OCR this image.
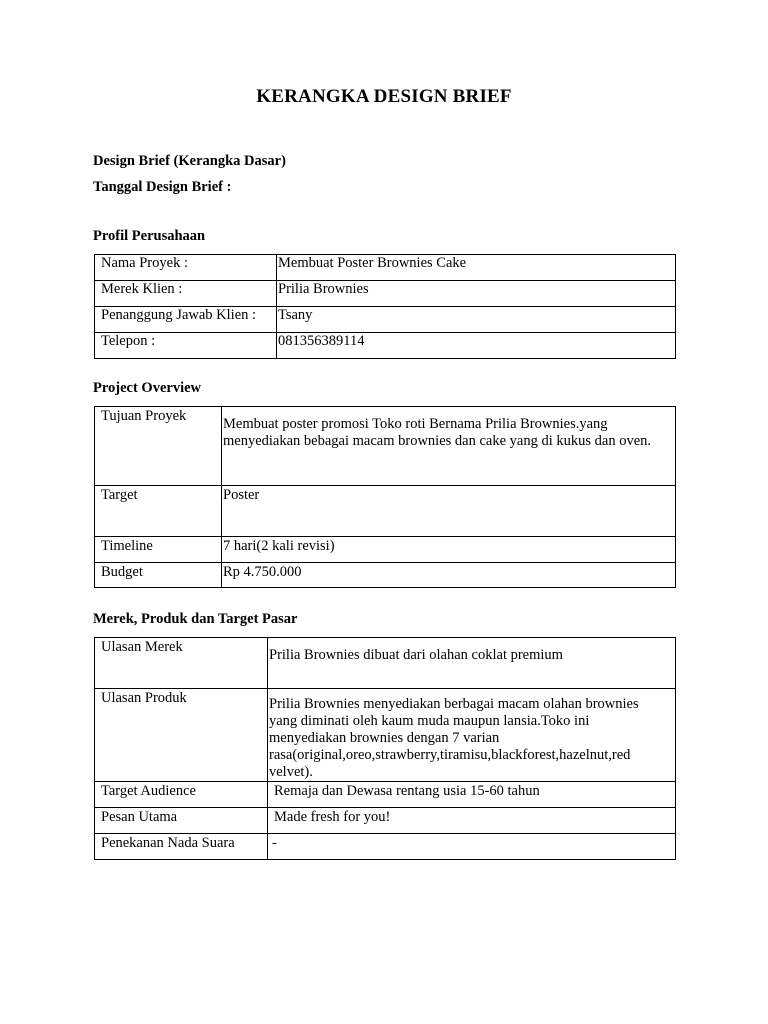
KERANGKA DESIGN BRIEF
Design Brief (Kerangka Dasar)
Tanggal Design Brief :
Profil Perusahaan
Nama Proyek :	Membuat Poster Brownies Cake
Merek Klien :	Prilia Brownies
Penanggung Jawab Klien :	Tsany
Telepon :	081356389114
Project Overview
Tujuan Proyek	Membuat poster promosi Toko roti Bernama Prilia Brownies.yang menyediakan bebagai macam brownies dan cake yang di kukus dan oven.
Target	Poster
Timeline	7 hari(2 kali revisi)
Budget	Rp 4.750.000
Merek, Produk dan Target Pasar
Ulasan Merek	Prilia Brownies dibuat dari olahan coklat premium
Ulasan Produk	Prilia Brownies menyediakan berbagai macam olahan brownies yang diminati oleh kaum muda maupun lansia.Toko ini menyediakan brownies dengan 7 varian rasa(original,oreo,strawberry,tiramisu,blackforest,hazelnut,red velvet).
Target Audience	Remaja dan Dewasa rentang usia 15-60 tahun
Pesan Utama	Made fresh for you!
Penekanan Nada Suara	-
